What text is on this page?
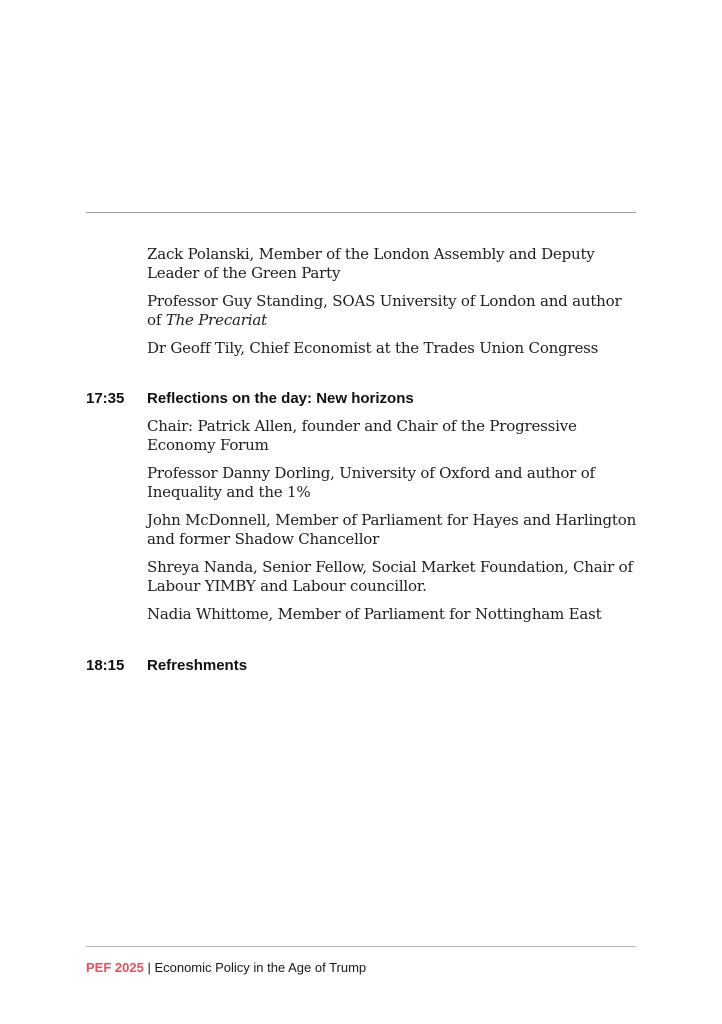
Zack Polanski, Member of the London Assembly and Deputy Leader of the Green Party

Professor Guy Standing, SOAS University of London and author of The Precariat

Dr Geoff Tily, Chief Economist at the Trades Union Congress

17:35 Reflections on the day: New horizons

Chair: Patrick Allen, founder and Chair of the Progressive Economy Forum

Professor Danny Dorling, University of Oxford and author of Inequality and the 1%

John McDonnell, Member of Parliament for Hayes and Harlington and former Shadow Chancellor

Shreya Nanda, Senior Fellow, Social Market Foundation, Chair of Labour YIMBY and Labour councillor.

Nadia Whittome, Member of Parliament for Nottingham East

18:15 Refreshments
PEF 2025 | Economic Policy in the Age of Trump
